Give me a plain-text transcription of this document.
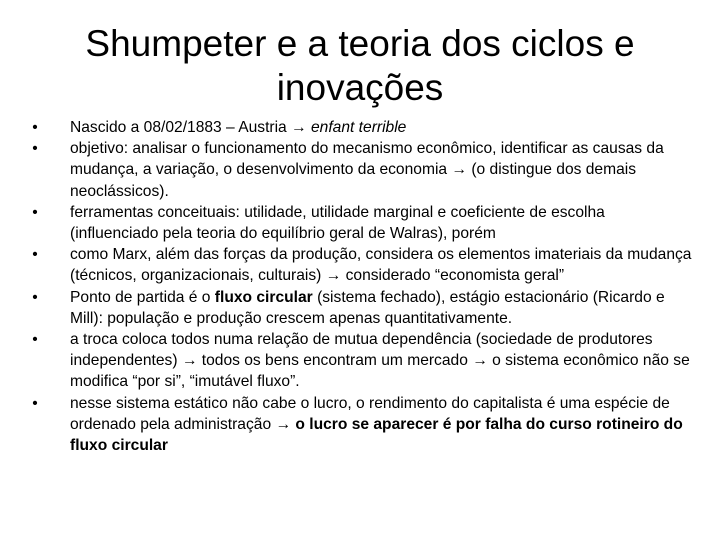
Shumpeter e a teoria dos ciclos e inovações
• Nascido a 08/02/1883 – Austria → enfant terrible
• objetivo: analisar o funcionamento do mecanismo econômico, identificar as causas da mudança, a variação, o desenvolvimento da economia → (o distingue dos demais neoclássicos).
• ferramentas conceituais: utilidade, utilidade marginal e coeficiente de escolha (influenciado pela teoria do equilíbrio geral de Walras), porém
• como Marx, além das forças da produção, considera os elementos imateriais da mudança (técnicos, organizacionais, culturais) → considerado “economista geral”
• Ponto de partida é o fluxo circular (sistema fechado), estágio estacionário (Ricardo e Mill): população e produção crescem apenas quantitativamente.
• a troca coloca todos numa relação de mutua dependência (sociedade de produtores independentes) → todos os bens encontram um mercado → o sistema econômico não se modifica “por si”, “imutável fluxo”.
• nesse sistema estático não cabe o lucro, o rendimento do capitalista é uma espécie de ordenado pela administração → o lucro se aparecer é por falha do curso rotineiro do fluxo circular
